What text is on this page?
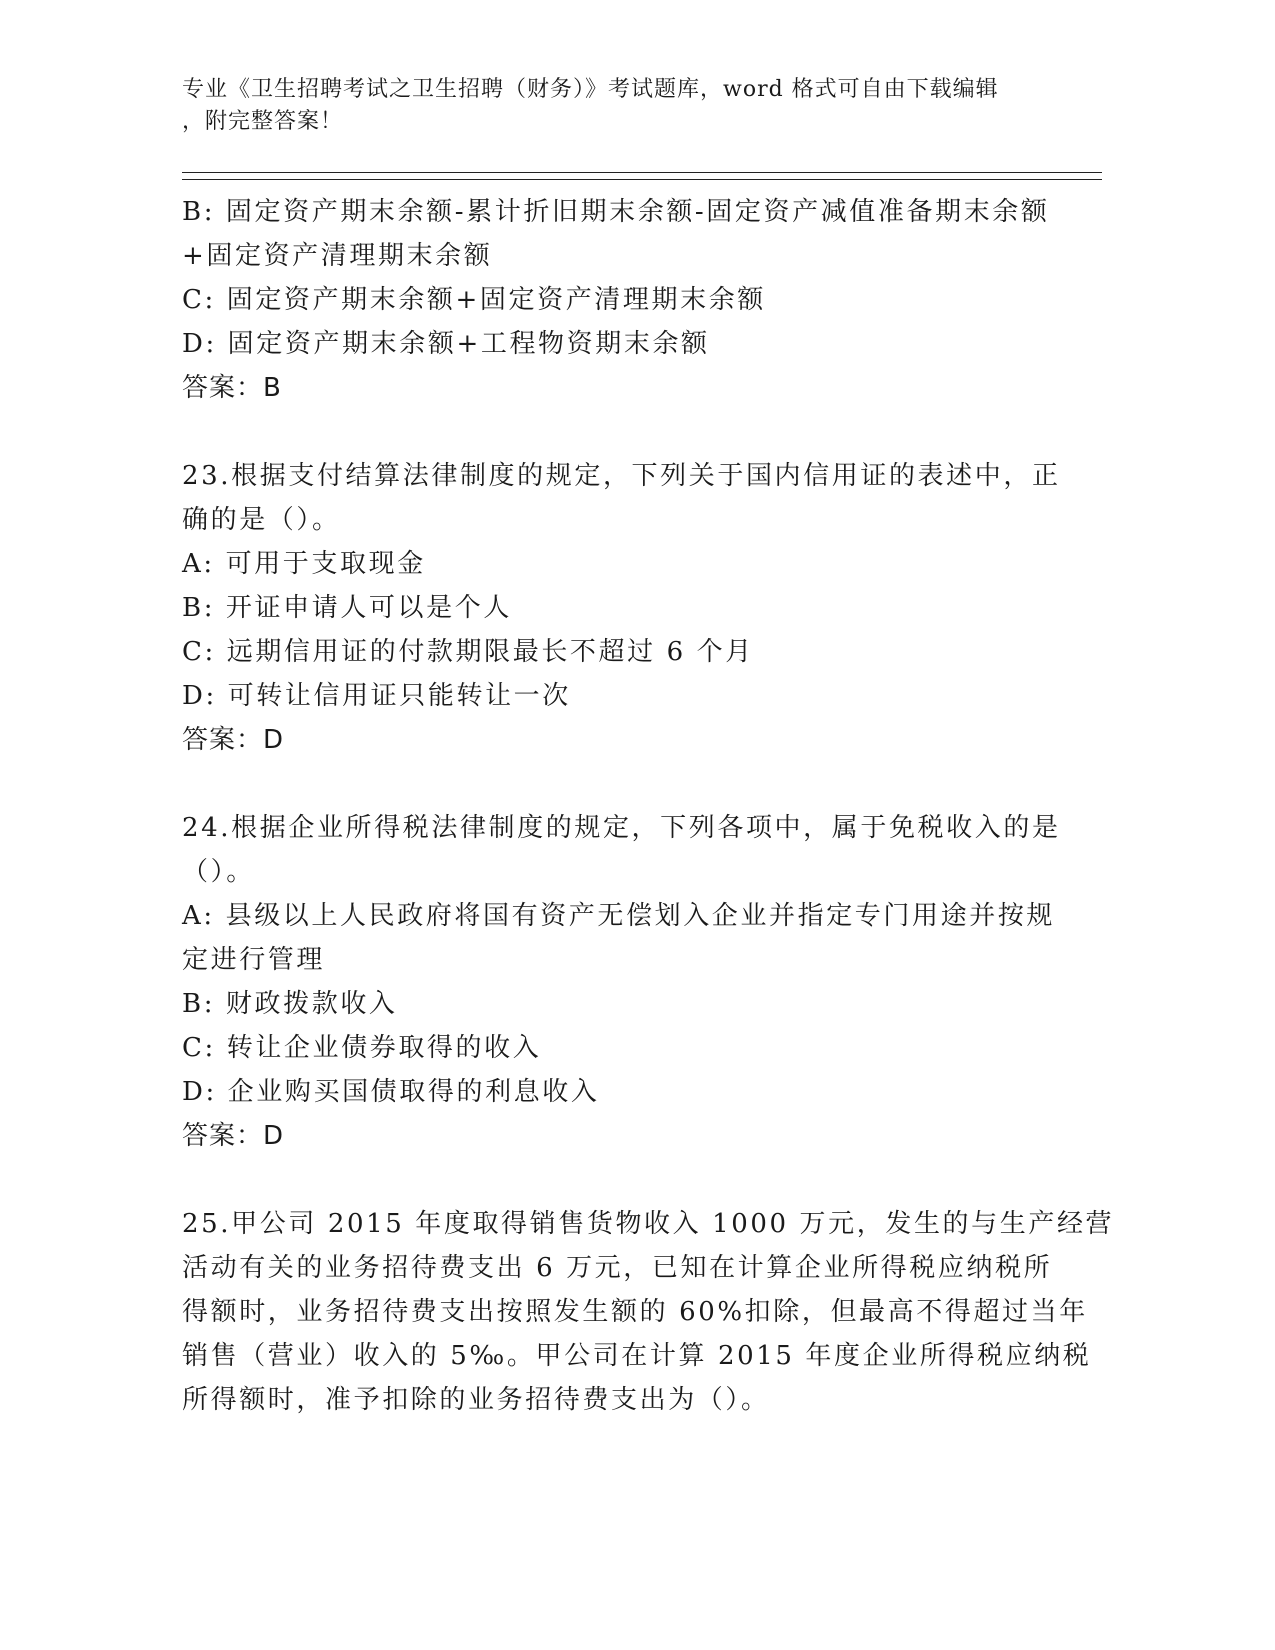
专业《卫生招聘考试之卫生招聘（财务）》考试题库，word 格式可自由下载编辑
，附完整答案！
B: 固定资产期末余额-累计折旧期末余额-固定资产减值准备期末余额
+固定资产清理期末余额
C: 固定资产期末余额+固定资产清理期末余额
D: 固定资产期末余额+工程物资期末余额
答案：B
23.根据支付结算法律制度的规定，下列关于国内信用证的表述中，正
确的是（）。
A: 可用于支取现金
B: 开证申请人可以是个人
C: 远期信用证的付款期限最长不超过 6 个月
D: 可转让信用证只能转让一次
答案：D
24.根据企业所得税法律制度的规定，下列各项中，属于免税收入的是
（）。
A: 县级以上人民政府将国有资产无偿划入企业并指定专门用途并按规
定进行管理
B: 财政拨款收入
C: 转让企业债券取得的收入
D: 企业购买国债取得的利息收入
答案：D
25.甲公司 2015 年度取得销售货物收入 1000 万元，发生的与生产经营
活动有关的业务招待费支出 6 万元，已知在计算企业所得税应纳税所
得额时，业务招待费支出按照发生额的 60%扣除，但最高不得超过当年
销售（营业）收入的 5‰。甲公司在计算 2015 年度企业所得税应纳税
所得额时，准予扣除的业务招待费支出为（）。
